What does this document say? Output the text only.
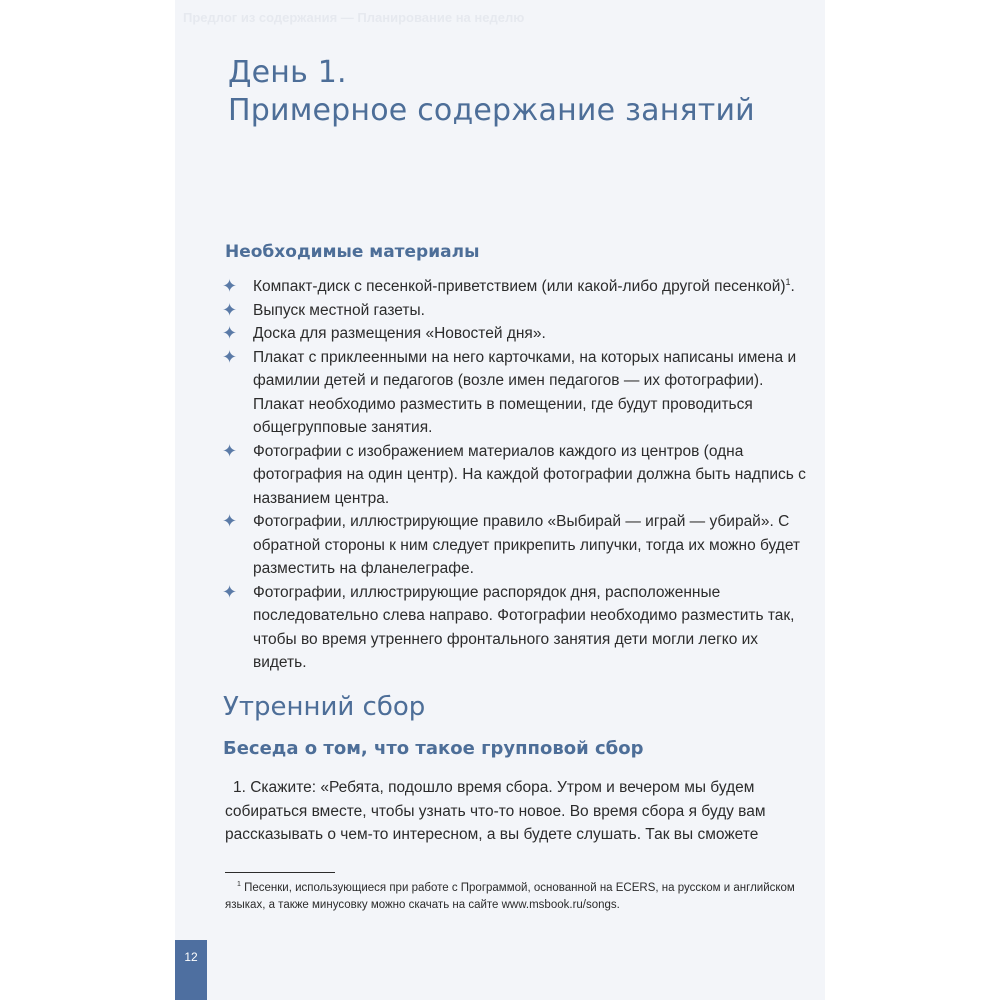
Предлог из содержания — Планирование на неделю
День 1.
Примерное содержание занятий
Необходимые материалы
✦ Компакт-диск с песенкой-приветствием (или какой-либо другой песенкой)$^1$.
✦ Выпуск местной газеты.
✦ Доска для размещения «Новостей дня».
✦ Плакат с приклеенными на него карточками, на которых написаны имена и фамилии детей и педагогов (возле имен педагогов — их фотографии). Плакат необходимо разместить в помещении, где будут проводиться общегрупповые занятия.
✦ Фотографии с изображением материалов каждого из центров (одна фотография на один центр). На каждой фотографии должна быть надпись с названием центра.
✦ Фотографии, иллюстрирующие правило «Выбирай — играй — убирай». С обратной стороны к ним следует прикрепить липучки, тогда их можно будет разместить на фланелеграфе.
✦ Фотографии, иллюстрирующие распорядок дня, расположенные последовательно слева направо. Фотографии необходимо разместить так, чтобы во время утреннего фронтального занятия дети могли легко их видеть.
Утренний сбор
Беседа о том, что такое групповой сбор

1. Скажите: «Ребята, подошло время сбора. Утром и вечером мы будем собираться вместе, чтобы узнать что-то новое. Во время сбора я буду вам рассказывать о чем-то интересном, а вы будете слушать. Так вы сможете

$^1$ Песенки, использующиеся при работе с Программой, основанной на ECERS, на русском и английском языках, а также минусовку можно скачать на сайте www.msbook.ru/songs.

12
